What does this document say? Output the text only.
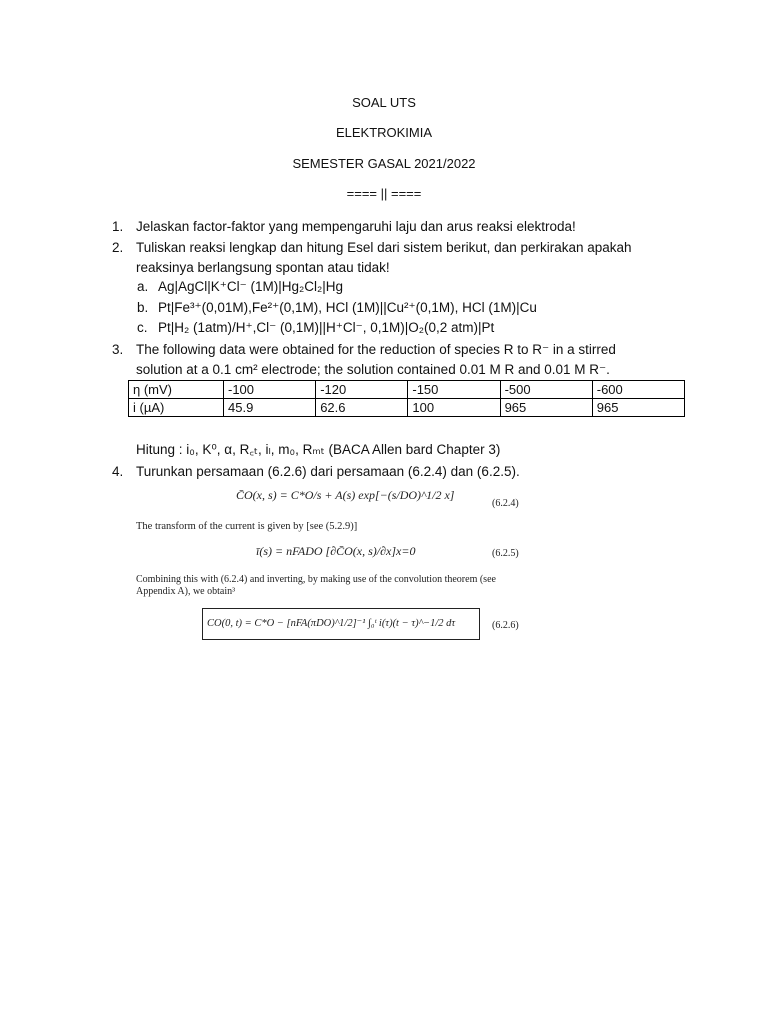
SOAL UTS
ELEKTROKIMIA
SEMESTER GASAL 2021/2022
==== || ====
1. Jelaskan factor-faktor yang mempengaruhi laju dan arus reaksi elektroda!
2. Tuliskan reaksi lengkap dan hitung Esel dari sistem berikut, dan perkirakan apakah
reaksinya berlangsung spontan atau tidak!
a. Ag|AgCl|K⁺Cl⁻ (1M)|Hg₂Cl₂|Hg
b. Pt|Fe³⁺(0,01M),Fe²⁺(0,1M), HCl (1M)||Cu²⁺(0,1M), HCl (1M)|Cu
c. Pt|H₂ (1atm)/H⁺,Cl⁻ (0,1M)||H⁺Cl⁻, 0,1M)|O₂(0,2 atm)|Pt
3. The following data were obtained for the reduction of species R to R⁻ in a stirred
solution at a 0.1 cm² electrode; the solution contained 0.01 M R and 0.01 M R⁻.
η (mV)	-100	-120	-150	-500	-600
i (µA)	45.9	62.6	100	965	965
Hitung : i₀, K⁰, α, R꜀ₜ, iₗ, m₀, Rₘₜ (BACA Allen bard Chapter 3)
4. Turunkan persamaan (6.2.6) dari persamaan (6.2.4) dan (6.2.5).
C̄O(x, s) = C*O/s + A(s) exp[−(s/DO)^1/2 x]
(6.2.4)
The transform of the current is given by [see (5.2.9)]
ī(s) = nFADO [∂C̄O(x, s)/∂x]x=0	(6.2.5)
Combining this with (6.2.4) and inverting, by making use of the convolution theorem (see
Appendix A), we obtain³
CO(0, t) = C*O − [nFA(πDO)^1/2]⁻¹ ∫₀ᵗ i(τ)(t − τ)^−1/2 dτ	(6.2.6)
